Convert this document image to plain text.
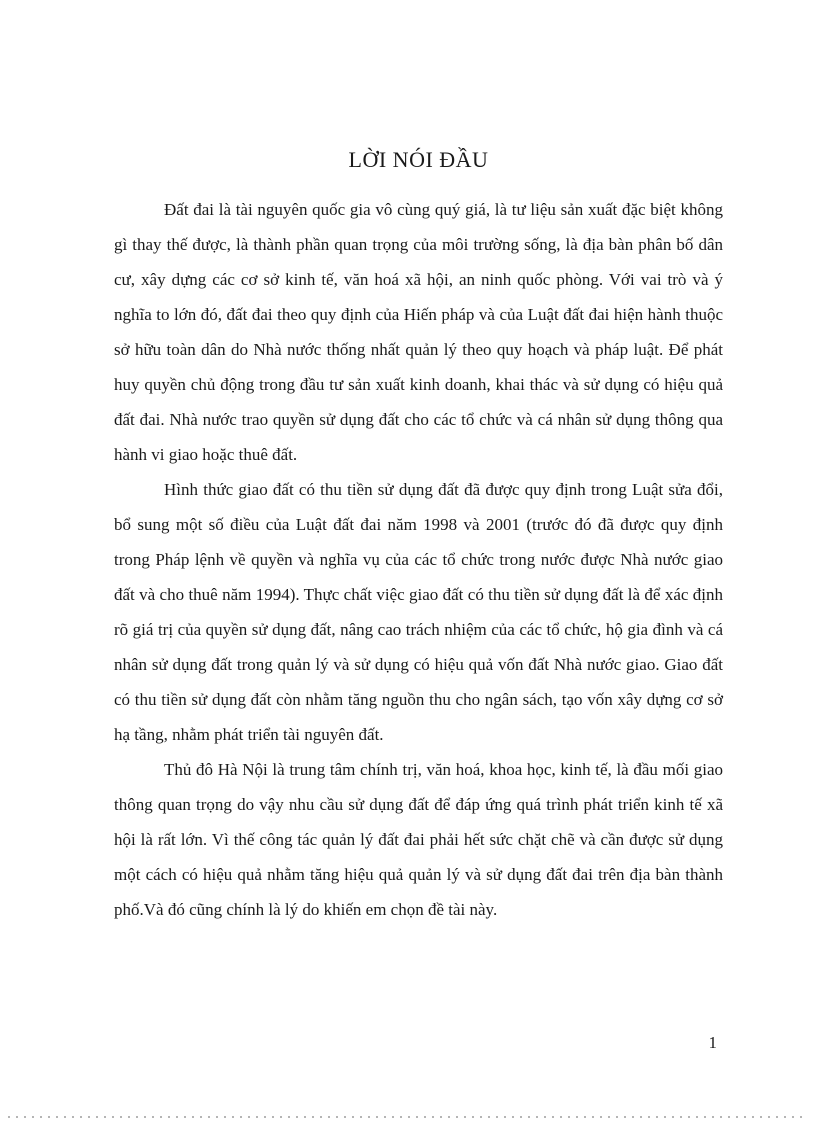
LỜI NÓI ĐẦU

Đất đai là tài nguyên quốc gia vô cùng quý giá, là tư liệu sản xuất đặc biệt không gì thay thế được, là thành phần quan trọng của môi trường sống, là địa bàn phân bố dân cư, xây dựng các cơ sở kinh tế, văn hoá xã hội, an ninh quốc phòng. Với vai trò và ý nghĩa to lớn đó, đất đai theo quy định của Hiến pháp và của Luật đất đai hiện hành thuộc sở hữu toàn dân do Nhà nước thống nhất quản lý theo quy hoạch và pháp luật. Để phát huy quyền chủ động trong đầu tư sản xuất kinh doanh, khai thác và sử dụng có hiệu quả đất đai. Nhà nước trao quyền sử dụng đất cho các tổ chức và cá nhân sử dụng thông qua hành vi giao hoặc thuê đất.

Hình thức giao đất có thu tiền sử dụng đất đã được quy định trong Luật sửa đổi, bổ sung một số điều của Luật đất đai năm 1998 và 2001 (trước đó đã được quy định trong Pháp lệnh về quyền và nghĩa vụ của các tổ chức trong nước được Nhà nước giao đất và cho thuê năm 1994). Thực chất việc giao đất có thu tiền sử dụng đất là để xác định rõ giá trị của quyền sử dụng đất, nâng cao trách nhiệm của các tổ chức, hộ gia đình và cá nhân sử dụng đất trong quản lý và sử dụng có hiệu quả vốn đất Nhà nước giao. Giao đất có thu tiền sử dụng đất còn nhằm tăng nguồn thu cho ngân sách, tạo vốn xây dựng cơ sở hạ tầng, nhằm phát triển tài nguyên đất.

Thủ đô Hà Nội là trung tâm chính trị, văn hoá, khoa học, kinh tế, là đầu mối giao thông quan trọng do vậy nhu cầu sử dụng đất để đáp ứng quá trình phát triển kinh tế xã hội là rất lớn. Vì thế công tác quản lý đất đai phải hết sức chặt chẽ và cần được sử dụng một cách có hiệu quả nhằm tăng hiệu quả quản lý và sử dụng đất đai trên địa bàn thành phố.Và đó cũng chính là lý do khiến em chọn đề tài này.

1
